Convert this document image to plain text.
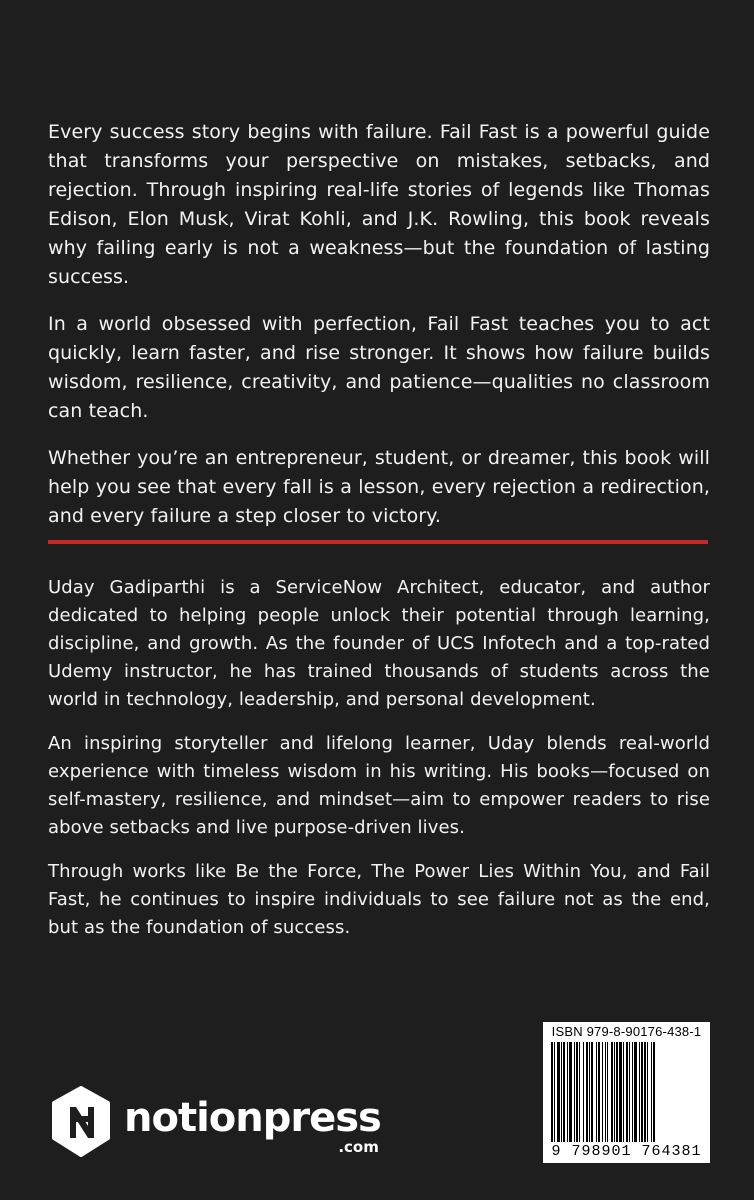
Every success story begins with failure. Fail Fast is a powerful guide that transforms your perspective on mistakes, setbacks, and rejection. Through inspiring real-life stories of legends like Thomas Edison, Elon Musk, Virat Kohli, and J.K. Rowling, this book reveals why failing early is not a weakness—but the foundation of lasting success.

In a world obsessed with perfection, Fail Fast teaches you to act quickly, learn faster, and rise stronger. It shows how failure builds wisdom, resilience, creativity, and patience—qualities no classroom can teach.

Whether you’re an entrepreneur, student, or dreamer, this book will help you see that every fall is a lesson, every rejection a redirection, and every failure a step closer to victory.

Uday Gadiparthi is a ServiceNow Architect, educator, and author dedicated to helping people unlock their potential through learning, discipline, and growth. As the founder of UCS Infotech and a top-rated Udemy instructor, he has trained thousands of students across the world in technology, leadership, and personal development.

An inspiring storyteller and lifelong learner, Uday blends real-world experience with timeless wisdom in his writing. His books—focused on self-mastery, resilience, and mindset—aim to empower readers to rise above setbacks and live purpose-driven lives.

Through works like Be the Force, The Power Lies Within You, and Fail Fast, he continues to inspire individuals to see failure not as the end, but as the foundation of success.

notionpress
.com
ISBN 979-8-90176-438-1
9 798901 764381
